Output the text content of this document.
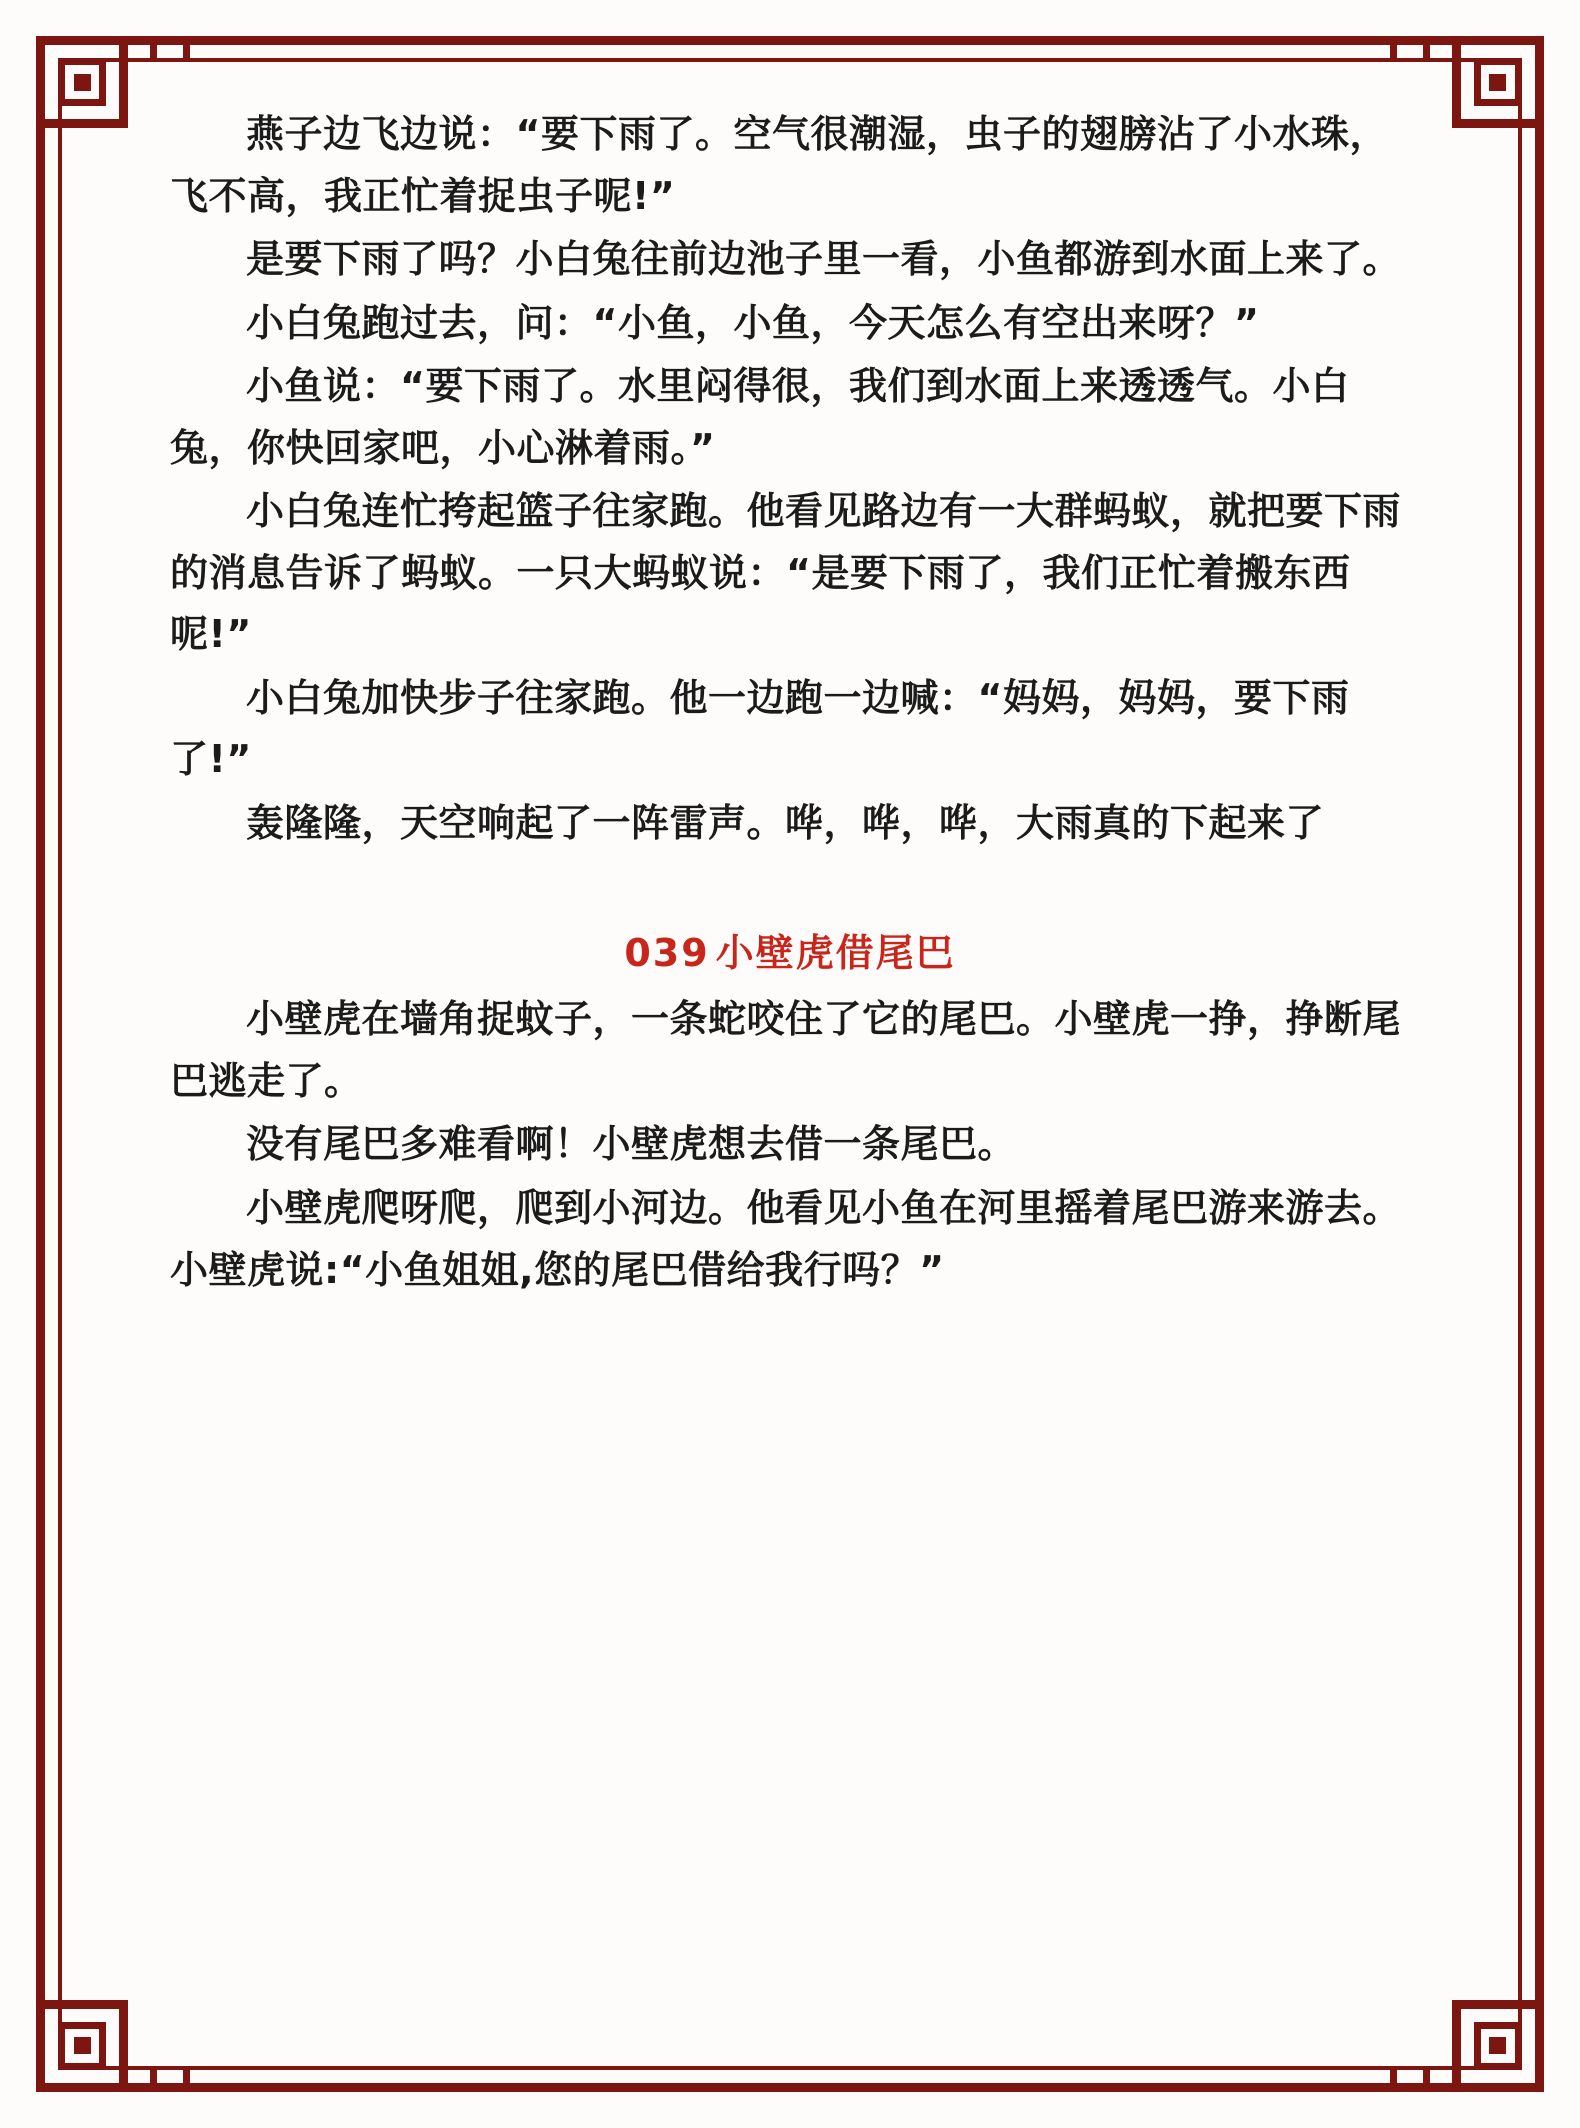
燕子边飞边说：“要下雨了。空气很潮湿，虫子的翅膀沾了小水珠，飞不高，我正忙着捉虫子呢!”

是要下雨了吗？小白兔往前边池子里一看，小鱼都游到水面上来了。

小白兔跑过去，问：“小鱼，小鱼，今天怎么有空出来呀？”

小鱼说：“要下雨了。水里闷得很，我们到水面上来透透气。小白兔，你快回家吧，小心淋着雨。”

小白兔连忙挎起篮子往家跑。他看见路边有一大群蚂蚁，就把要下雨的消息告诉了蚂蚁。一只大蚂蚁说：“是要下雨了，我们正忙着搬东西呢!”

小白兔加快步子往家跑。他一边跑一边喊：“妈妈，妈妈，要下雨了!”

轰隆隆，天空响起了一阵雷声。哗，哗，哗，大雨真的下起来了

039 小壁虎借尾巴

小壁虎在墙角捉蚊子，一条蛇咬住了它的尾巴。小壁虎一挣，挣断尾巴逃走了。

没有尾巴多难看啊！小壁虎想去借一条尾巴。

小壁虎爬呀爬，爬到小河边。他看见小鱼在河里摇着尾巴游来游去。小壁虎说:“小鱼姐姐,您的尾巴借给我行吗？”
